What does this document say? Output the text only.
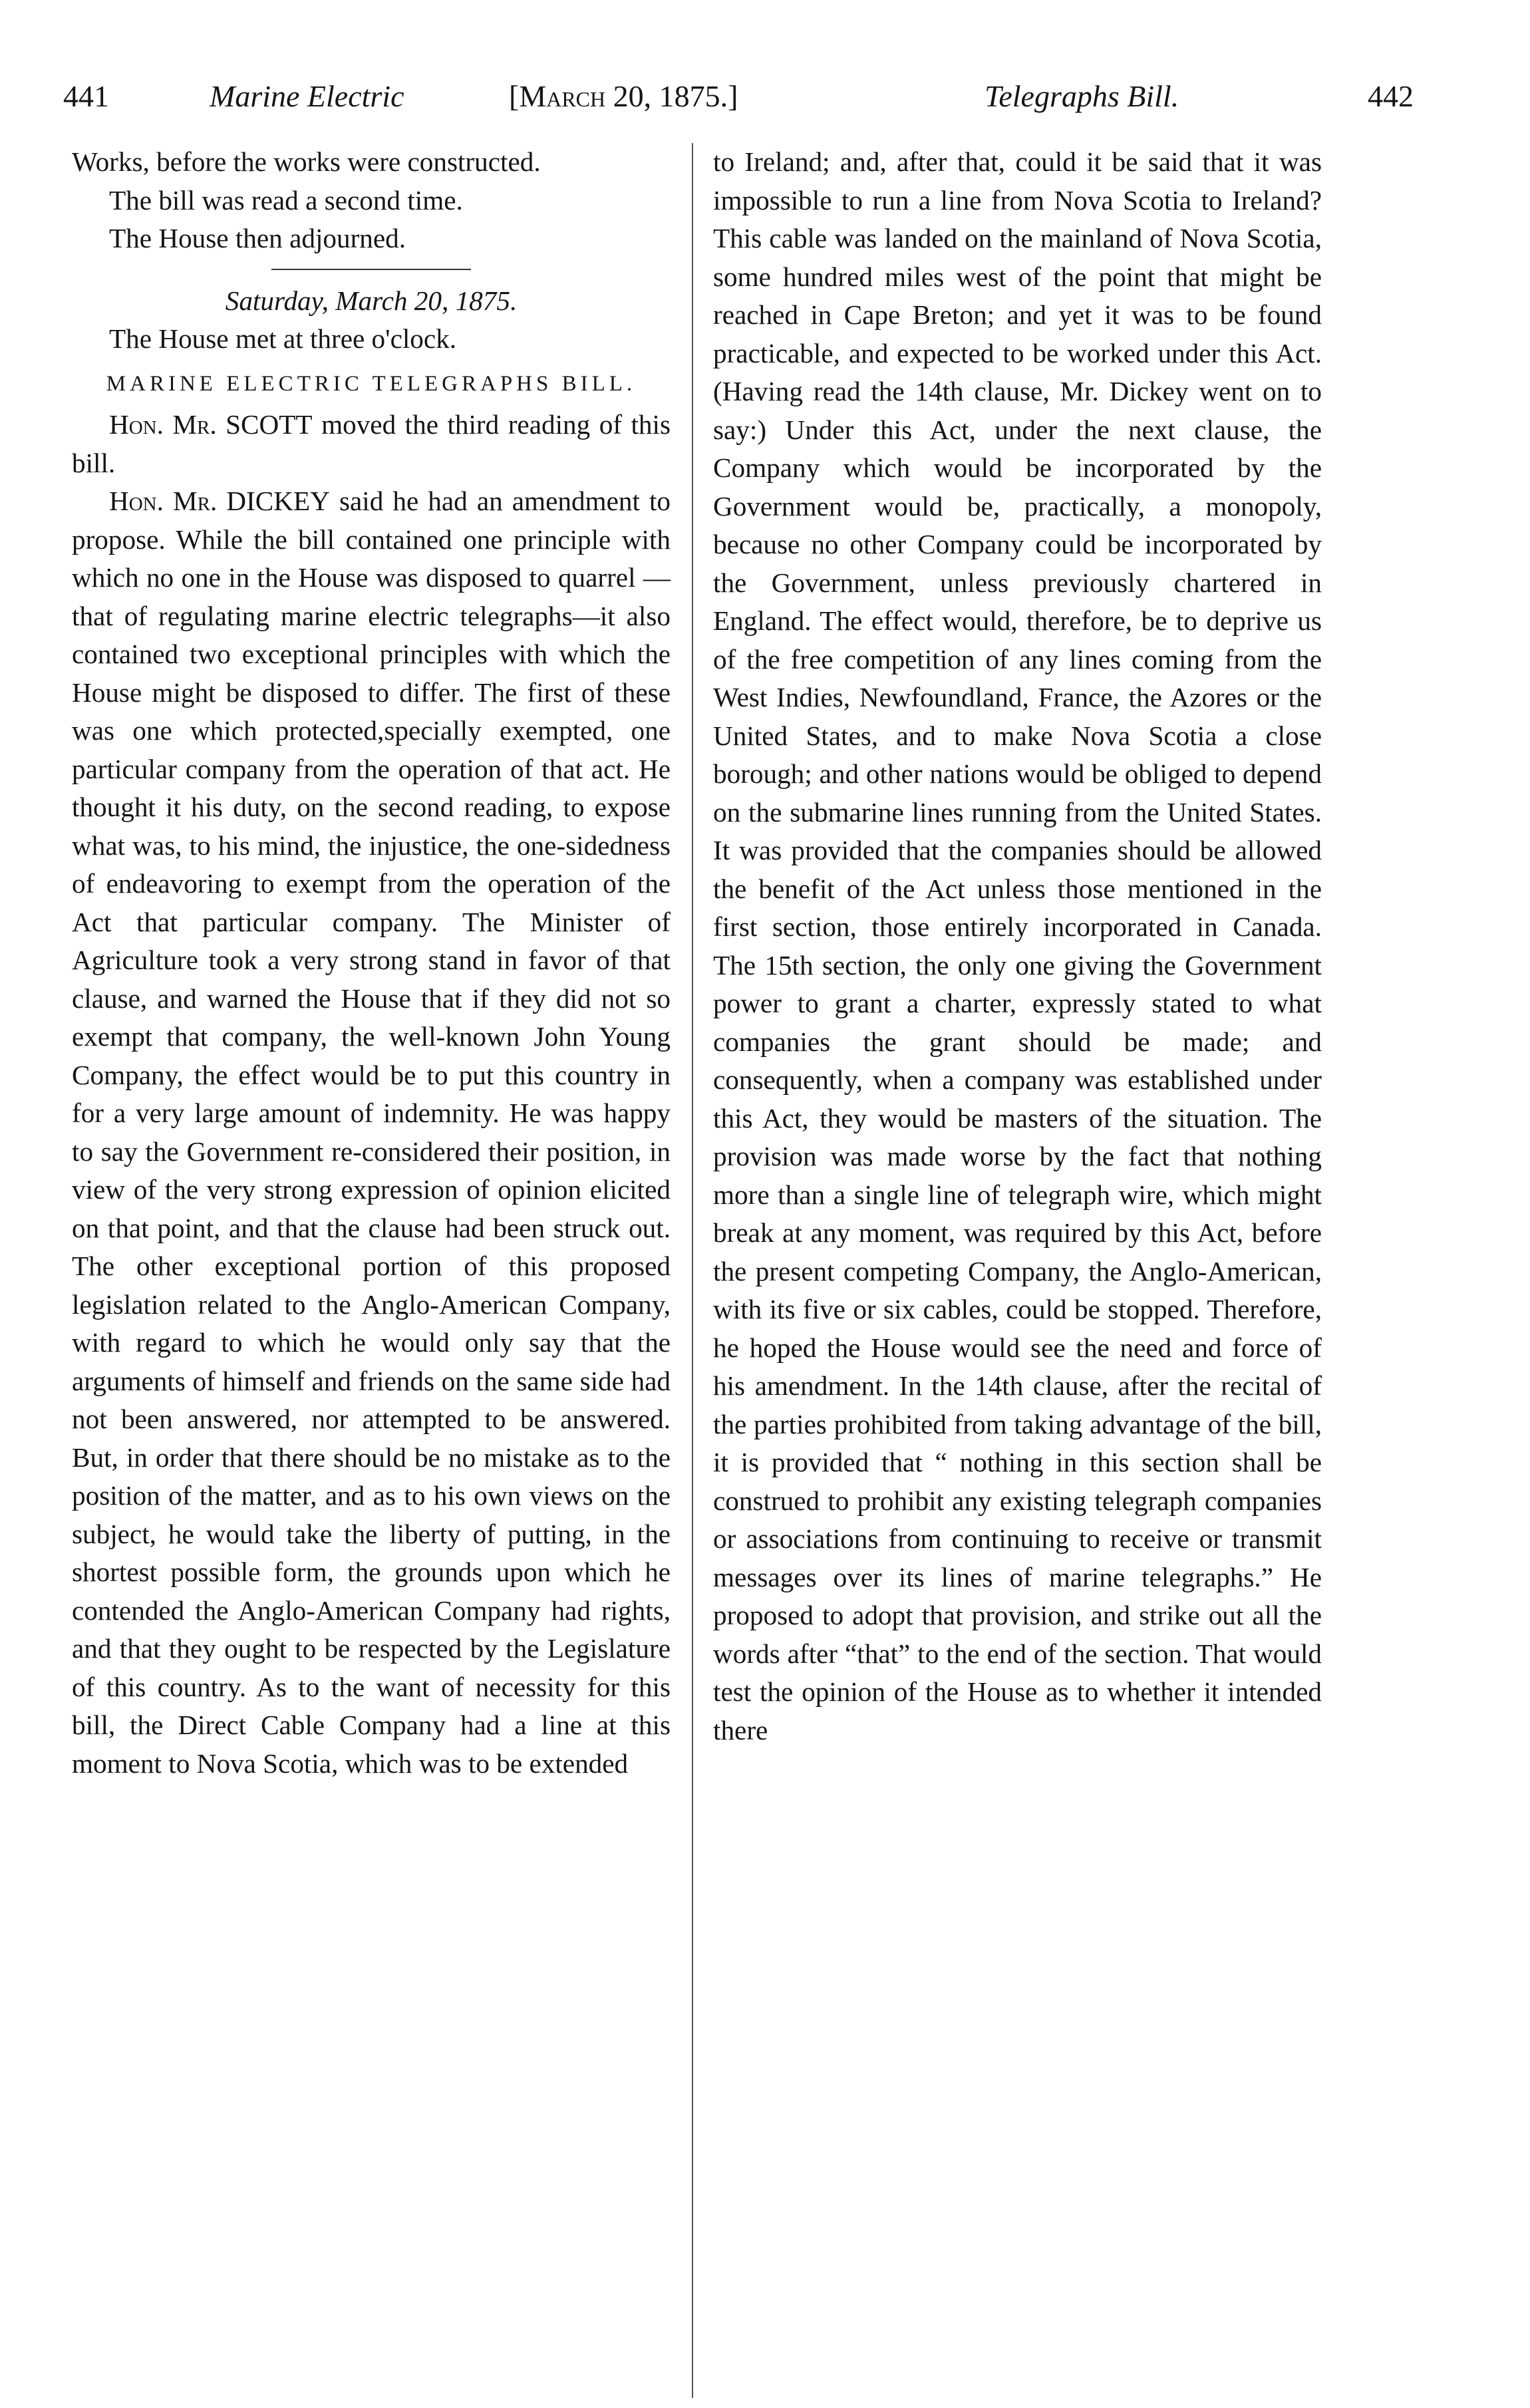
441	Marine Electric	[March 20, 1875.]	Telegraphs Bill.	442

Works, before the works were constructed.

The bill was read a second time.

The House then adjourned.

Saturday, March 20, 1875.

The House met at three o'clock.

MARINE ELECTRIC TELEGRAPHS BILL.

Hon. Mr. SCOTT moved the third reading of this bill.

Hon. Mr. DICKEY said he had an amendment to propose. While the bill contained one principle with which no one in the House was disposed to quarrel — that of regulating marine electric telegraphs—it also contained two exceptional principles with which the House might be disposed to differ. The first of these was one which protected,specially exempted, one particular company from the operation of that act. He thought it his duty, on the second reading, to expose what was, to his mind, the injustice, the one-sidedness of endeavoring to exempt from the operation of the Act that particular company. The Minister of Agriculture took a very strong stand in favor of that clause, and warned the House that if they did not so exempt that company, the well-known John Young Company, the effect would be to put this country in for a very large amount of indemnity. He was happy to say the Government re-considered their position, in view of the very strong expression of opinion elicited on that point, and that the clause had been struck out. The other exceptional portion of this proposed legislation related to the Anglo-American Company, with regard to which he would only say that the arguments of himself and friends on the same side had not been answered, nor attempted to be answered. But, in order that there should be no mistake as to the position of the matter, and as to his own views on the subject, he would take the liberty of putting, in the shortest possible form, the grounds upon which he contended the Anglo-American Company had rights, and that they ought to be respected by the Legislature of this country. As to the want of necessity for this bill, the Direct Cable Company had a line at this moment to Nova Scotia, which was to be extended

to Ireland; and, after that, could it be said that it was impossible to run a line from Nova Scotia to Ireland? This cable was landed on the mainland of Nova Scotia, some hundred miles west of the point that might be reached in Cape Breton; and yet it was to be found practicable, and expected to be worked under this Act. (Having read the 14th clause, Mr. Dickey went on to say:) Under this Act, under the next clause, the Company which would be incorporated by the Government would be, practically, a monopoly, because no other Company could be incorporated by the Government, unless previously chartered in England. The effect would, therefore, be to deprive us of the free competition of any lines coming from the West Indies, Newfoundland, France, the Azores or the United States, and to make Nova Scotia a close borough; and other nations would be obliged to depend on the submarine lines running from the United States. It was provided that the companies should be allowed the benefit of the Act unless those mentioned in the first section, those entirely incorporated in Canada. The 15th section, the only one giving the Government power to grant a charter, expressly stated to what companies the grant should be made; and consequently, when a company was established under this Act, they would be masters of the situation. The provision was made worse by the fact that nothing more than a single line of telegraph wire, which might break at any moment, was required by this Act, before the present competing Company, the Anglo-American, with its five or six cables, could be stopped. Therefore, he hoped the House would see the need and force of his amendment. In the 14th clause, after the recital of the parties prohibited from taking advantage of the bill, it is provided that “ nothing in this section shall be construed to prohibit any existing telegraph companies or associations from continuing to receive or transmit messages over its lines of marine telegraphs.” He proposed to adopt that provision, and strike out all the words after “that” to the end of the section. That would test the opinion of the House as to whether it intended there
